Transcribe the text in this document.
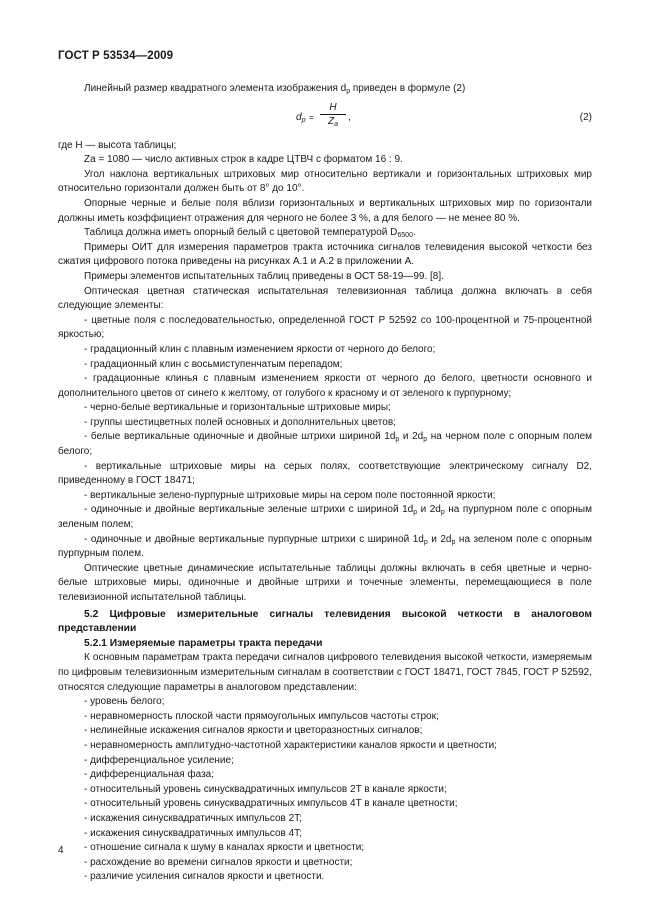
ГОСТ Р 53534—2009

Линейный размер квадратного элемента изображения $d_p$ приведен в формуле (2)

$d_p = \frac{H}{Z_a}$ ,	(2)

где H — высота таблицы;

Za = 1080 — число активных строк в кадре ЦТВЧ с форматом 16 : 9.

Угол наклона вертикальных штриховых мир относительно вертикали и горизонтальных штриховых мир относительно горизонтали должен быть от 8° до 10°.

Опорные черные и белые поля вблизи горизонтальных и вертикальных штриховых мир по горизонтали должны иметь коэффициент отражения для черного не более 3 %, а для белого — не менее 80 %.

Таблица должна иметь опорный белый с цветовой температурой $D_{6500}$.

Примеры ОИТ для измерения параметров тракта источника сигналов телевидения высокой четкости без сжатия цифрового потока приведены на рисунках А.1 и А.2 в приложении А.

Примеры элементов испытательных таблиц приведены в ОСТ 58-19—99. [8].

Оптическая цветная статическая испытательная телевизионная таблица должна включать в себя следующие элементы:

- цветные поля с последовательностью, определенной ГОСТ Р 52592 со 100-процентной и 75-процентной яркостью;

- градационный клин с плавным изменением яркости от черного до белого;

- градационный клин с восьмиступенчатым перепадом;

- градационные клинья с плавным изменением яркости от черного до белого, цветности основного и дополнительного цветов от синего к желтому, от голубого к красному и от зеленого к пурпурному;

- черно-белые вертикальные и горизонтальные штриховые миры;

- группы шестицветных полей основных и дополнительных цветов;

- белые вертикальные одиночные и двойные штрихи шириной $1d_p$ и $2d_p$ на черном поле с опорным полем белого;

- вертикальные штриховые миры на серых полях, соответствующие электрическому сигналу D2, приведенному в ГОСТ 18471;

- вертикальные зелено-пурпурные штриховые миры на сером поле постоянной яркости;

- одиночные и двойные вертикальные зеленые штрихи с шириной $1d_p$ и $2d_p$ на пурпурном поле с опорным зеленым полем;

- одиночные и двойные вертикальные пурпурные штрихи с шириной $1d_p$ и $2d_p$ на зеленом поле с опорным пурпурным полем.

Оптические цветные динамические испытательные таблицы должны включать в себя цветные и черно-белые штриховые миры, одиночные и двойные штрихи и точечные элементы, перемещающиеся в поле телевизионной испытательной таблицы.

5.2 Цифровые измерительные сигналы телевидения высокой четкости в аналоговом представлении

5.2.1 Измеряемые параметры тракта передачи

К основным параметрам тракта передачи сигналов цифрового телевидения высокой четкости, измеряемым по цифровым телевизионным измерительным сигналам в соответствии с ГОСТ 18471, ГОСТ 7845, ГОСТ Р 52592, относятся следующие параметры в аналоговом представлении:

- уровень белого;

- неравномерность плоской части прямоугольных импульсов частоты строк;

- нелинейные искажения сигналов яркости и цветоразностных сигналов;

- неравномерность амплитудно-частотной характеристики каналов яркости и цветности;

- дифференциальное усиление;

- дифференциальная фаза;

- относительный уровень синусквадратичных импульсов 2T в канале яркости;

- относительный уровень синусквадратичных импульсов 4T в канале цветности;

- искажения синусквадратичных импульсов 2T;

- искажения синусквадратичных импульсов 4T;

- отношение сигнала к шуму в каналах яркости и цветности;

- расхождение во времени сигналов яркости и цветности;

- различие усиления сигналов яркости и цветности.

4
